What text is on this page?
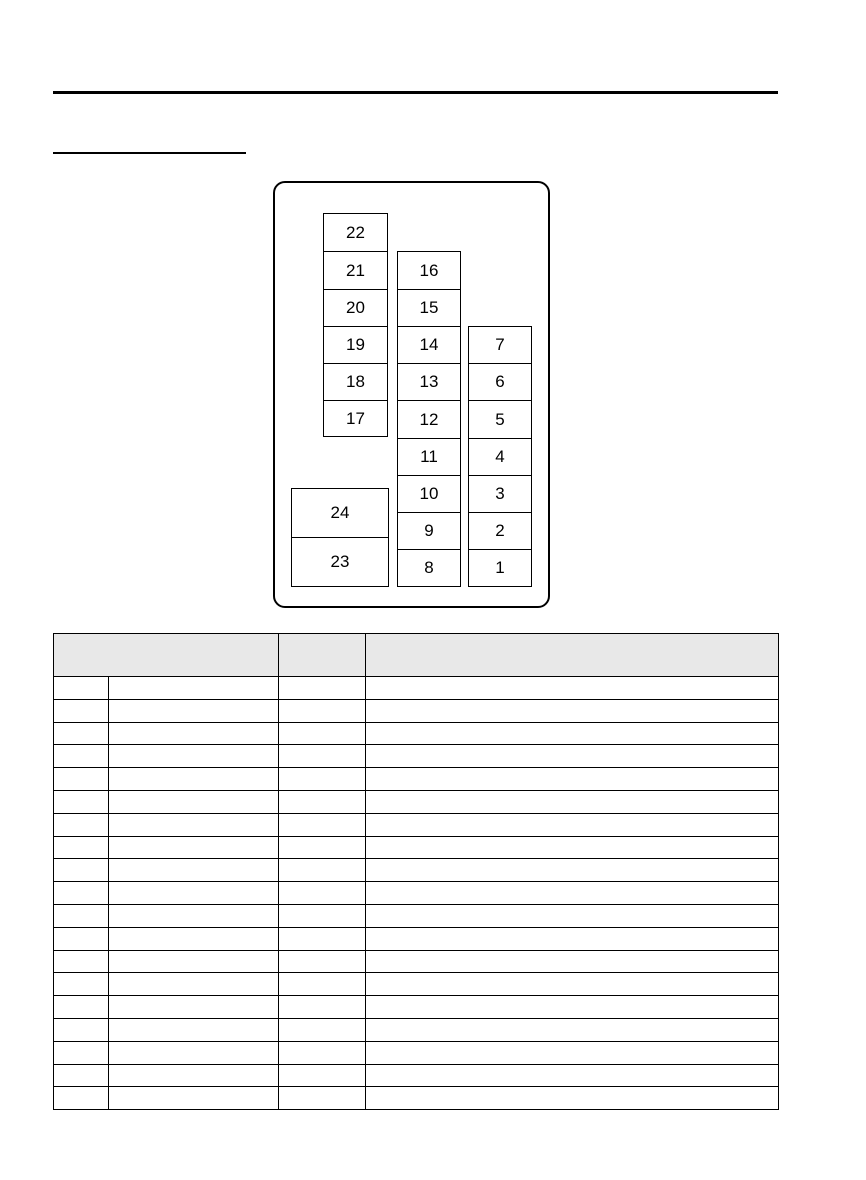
22
21
20
19
18
17
16
15
14
13
12
11
10
9
8
7
6
5
4
3
2
1
24
23
